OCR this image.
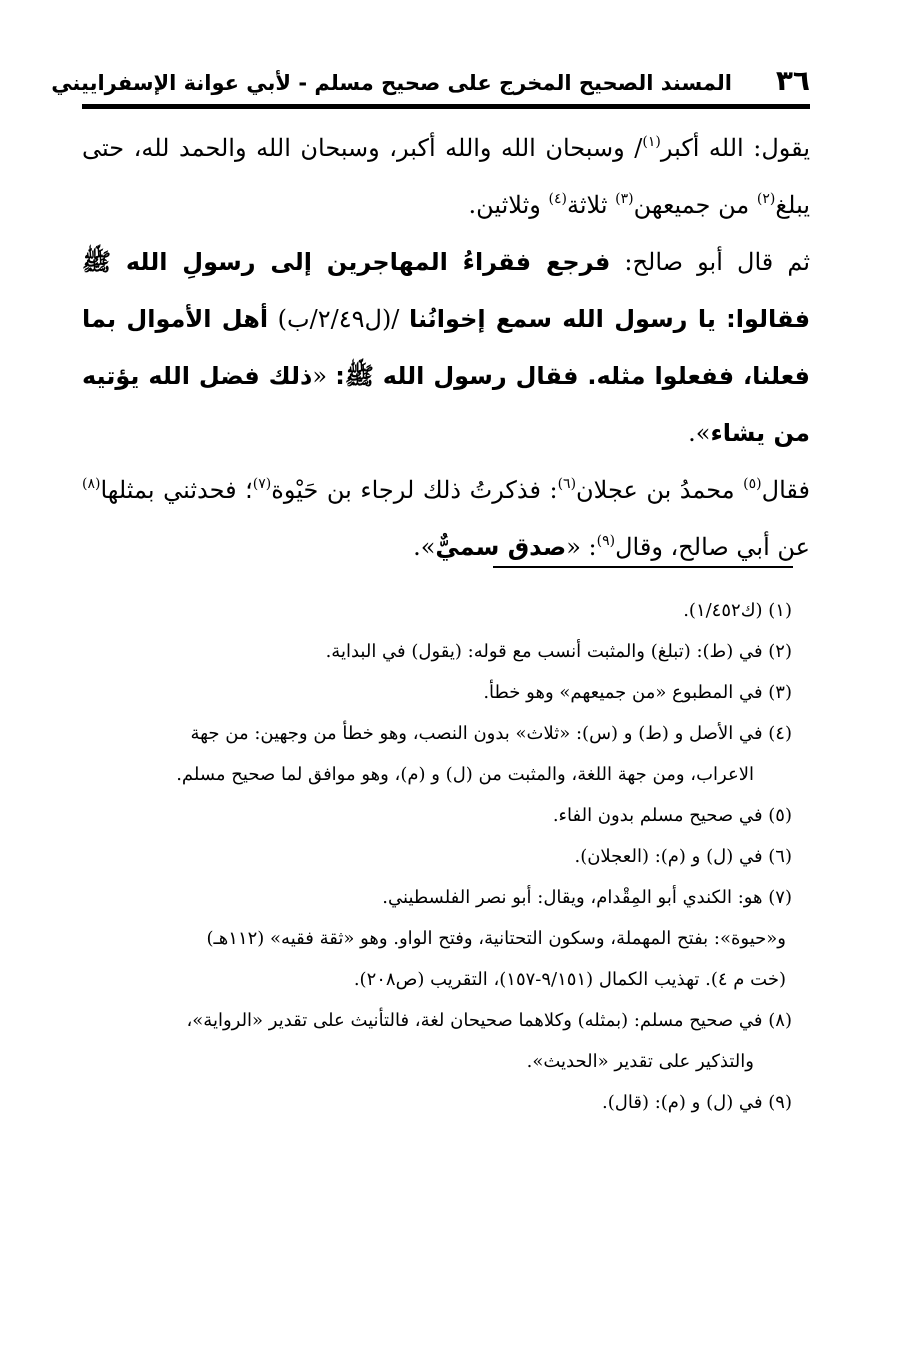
٣٦
المسند الصحيح المخرج على صحيح مسلم - لأبي عوانة الإسفراييني

يقول: الله أكبر$^{(١)}$/ وسبحان الله والله أكبر، وسبحان الله والحمد لله، حتى يبلغ$^{(٢)}$ من جميعهن$^{(٣)}$ ثلاثة$^{(٤)}$ وثلاثين.

ثم قال أبو صالح: فرجع فقراءُ المهاجرين إلى رسولِ الله ﷺ فقالوا: يا رسول الله سمع إخوانُنا /(ل٢/٤٩/ب) أهل الأموال بما فعلنا، ففعلوا مثله. فقال رسول الله ﷺ: «ذلك فضل الله يؤتيه من يشاء».

فقال$^{(٥)}$ محمدُ بن عجلان$^{(٦)}$: فذكرتُ ذلك لرجاء بن حَيْوة$^{(٧)}$؛ فحدثني بمثلها$^{(٨)}$ عن أبي صالح، وقال$^{(٩)}$: «صدق سميٌّ».

(١) (ك١/٤٥٢).

(٢) في (ط): (تبلغ) والمثبت أنسب مع قوله: (يقول) في البداية.

(٣) في المطبوع «من جميعهم» وهو خطأ.

(٤) في الأصل و (ط) و (س): «ثلاث» بدون النصب، وهو خطأ من وجهين: من جهة

الاعراب، ومن جهة اللغة، والمثبت من (ل) و (م)، وهو موافق لما صحيح مسلم.

(٥) في صحيح مسلم بدون الفاء.

(٦) في (ل) و (م): (العجلان).

(٧) هو: الكندي أبو المِقْدام، ويقال: أبو نصر الفلسطيني.

و«حيوة»: بفتح المهملة، وسكون التحتانية، وفتح الواو. وهو «ثقة فقيه» (١١٢هـ)

(خت م ٤). تهذيب الكمال (٩/١٥١-١٥٧)، التقريب (ص٢٠٨).

(٨) في صحيح مسلم: (بمثله) وكلاهما صحيحان لغة، فالتأنيث على تقدير «الرواية»،

والتذكير على تقدير «الحديث».

(٩) في (ل) و (م): (قال).
